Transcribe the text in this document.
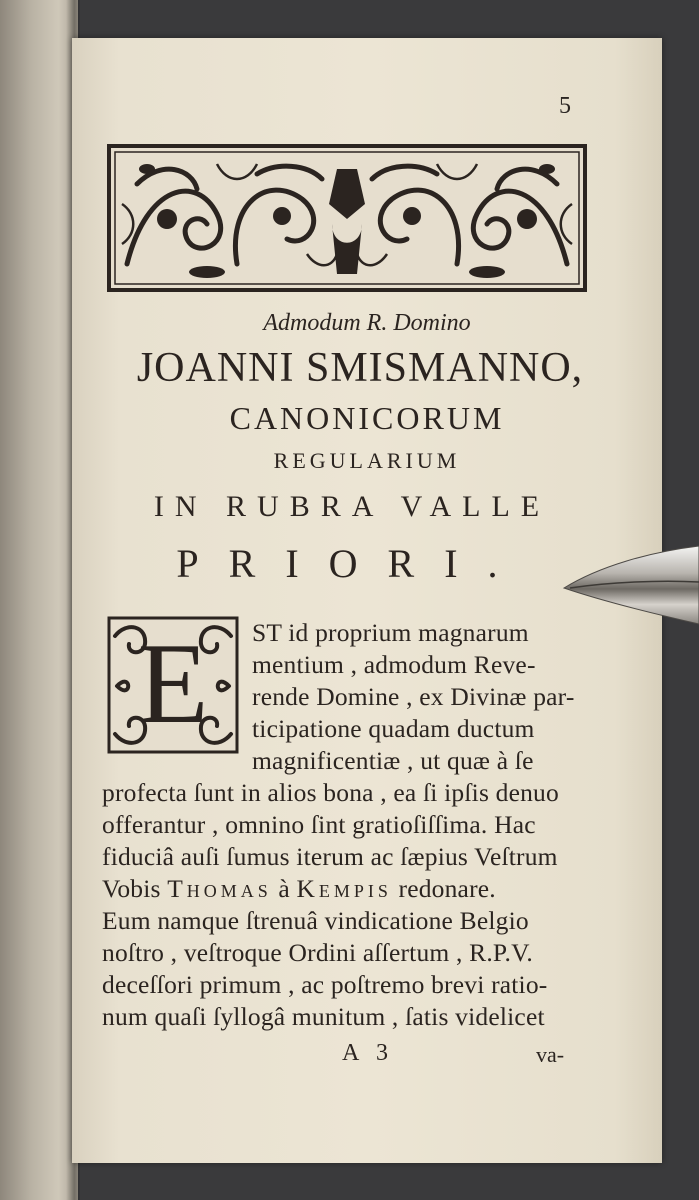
5
Admodum R. Domino
JOANNI SMISMANNO,
CANONICORUM
REGULARIUM
IN RUBRA VALLE
PRIORI.
E ST id proprium magnarum
mentium , admodum Reve-
rende Domine , ex Divinæ par-
ticipatione quadam ductum
magnificentiæ , ut quæ à ſe
profecta ſunt in alios bona , ea ſi ipſis denuo
offerantur , omnino ſint gratioſiſſima. Hac
fiduciâ auſi ſumus iterum ac ſæpius Veſtrum
Vobis Thomas à Kempis redonare.
Eum namque ſtrenuâ vindicatione Belgio
noſtro , veſtroque Ordini aſſertum , R.P.V.
deceſſori primum , ac poſtremo brevi ratio-
num quaſi ſyllogâ munitum , ſatis videlicet
A 3	va-
